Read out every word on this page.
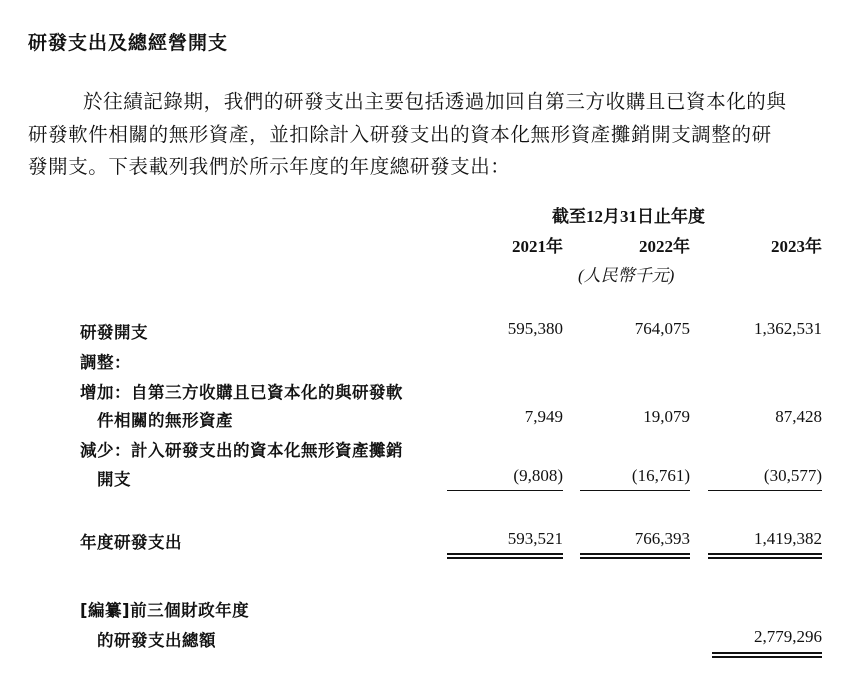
研發支出及總經營開支
於往績記錄期，我們的研發支出主要包括透過加回自第三方收購且已資本化的與
研發軟件相關的無形資產，並扣除計入研發支出的資本化無形資產攤銷開支調整的研
發開支。下表載列我們於所示年度的年度總研發支出：
截至12月31日止年度
2021年	2022年	2023年
(人民幣千元)
研發開支	595,380	764,075	1,362,531
調整：
增加：自第三方收購且已資本化的與研發軟
件相關的無形資產	7,949	19,079	87,428
減少：計入研發支出的資本化無形資產攤銷
開支	(9,808)	(16,761)	(30,577)
年度研發支出	593,521	766,393	1,419,382
[編纂]前三個財政年度
的研發支出總額	2,779,296
